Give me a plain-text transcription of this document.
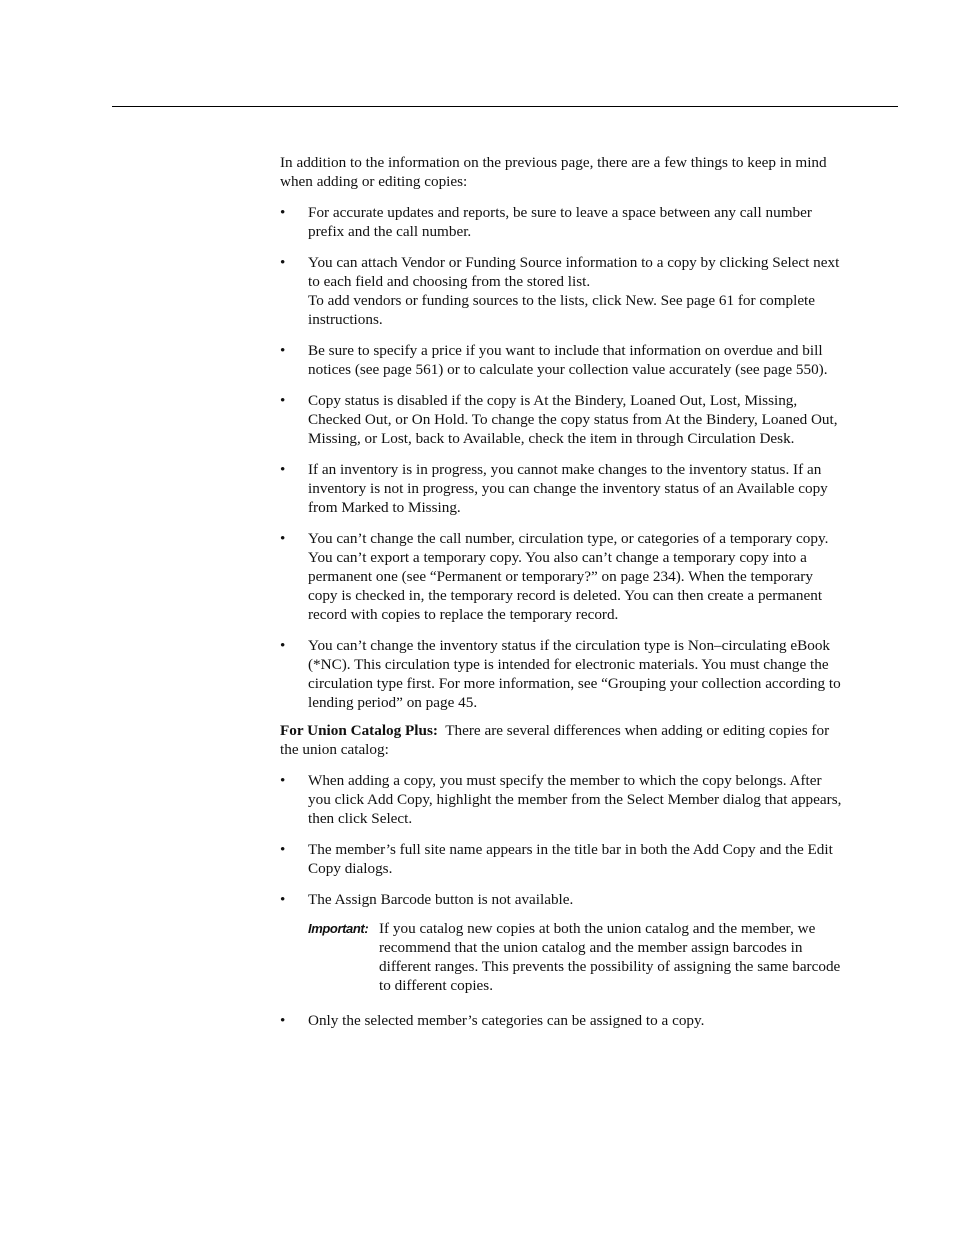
In addition to the information on the previous page, there are a few things to keep in mind when adding or editing copies:

• For accurate updates and reports, be sure to leave a space between any call number prefix and the call number.
• You can attach Vendor or Funding Source information to a copy by clicking Select next to each field and choosing from the stored list.
To add vendors or funding sources to the lists, click New. See page 61 for complete instructions.
• Be sure to specify a price if you want to include that information on overdue and bill notices (see page 561) or to calculate your collection value accurately (see page 550).
• Copy status is disabled if the copy is At the Bindery, Loaned Out, Lost, Missing, Checked Out, or On Hold. To change the copy status from At the Bindery, Loaned Out, Missing, or Lost, back to Available, check the item in through Circulation Desk.
• If an inventory is in progress, you cannot make changes to the inventory status. If an inventory is not in progress, you can change the inventory status of an Available copy from Marked to Missing.
• You can’t change the call number, circulation type, or categories of a temporary copy. You can’t export a temporary copy. You also can’t change a temporary copy into a permanent one (see “Permanent or temporary?” on page 234). When the temporary copy is checked in, the temporary record is deleted. You can then create a permanent record with copies to replace the temporary record.
• You can’t change the inventory status if the circulation type is Non–circulating eBook (*NC). This circulation type is intended for electronic materials. You must change the circulation type first. For more information, see “Grouping your collection according to lending period” on page 45.

For Union Catalog Plus: There are several differences when adding or editing copies for the union catalog:

• When adding a copy, you must specify the member to which the copy belongs. After you click Add Copy, highlight the member from the Select Member dialog that appears, then click Select.
• The member’s full site name appears in the title bar in both the Add Copy and the Edit Copy dialogs.
• The Assign Barcode button is not available.
Important: If you catalog new copies at both the union catalog and the member, we recommend that the union catalog and the member assign barcodes in different ranges. This prevents the possibility of assigning the same barcode to different copies.

• Only the selected member’s categories can be assigned to a copy.
